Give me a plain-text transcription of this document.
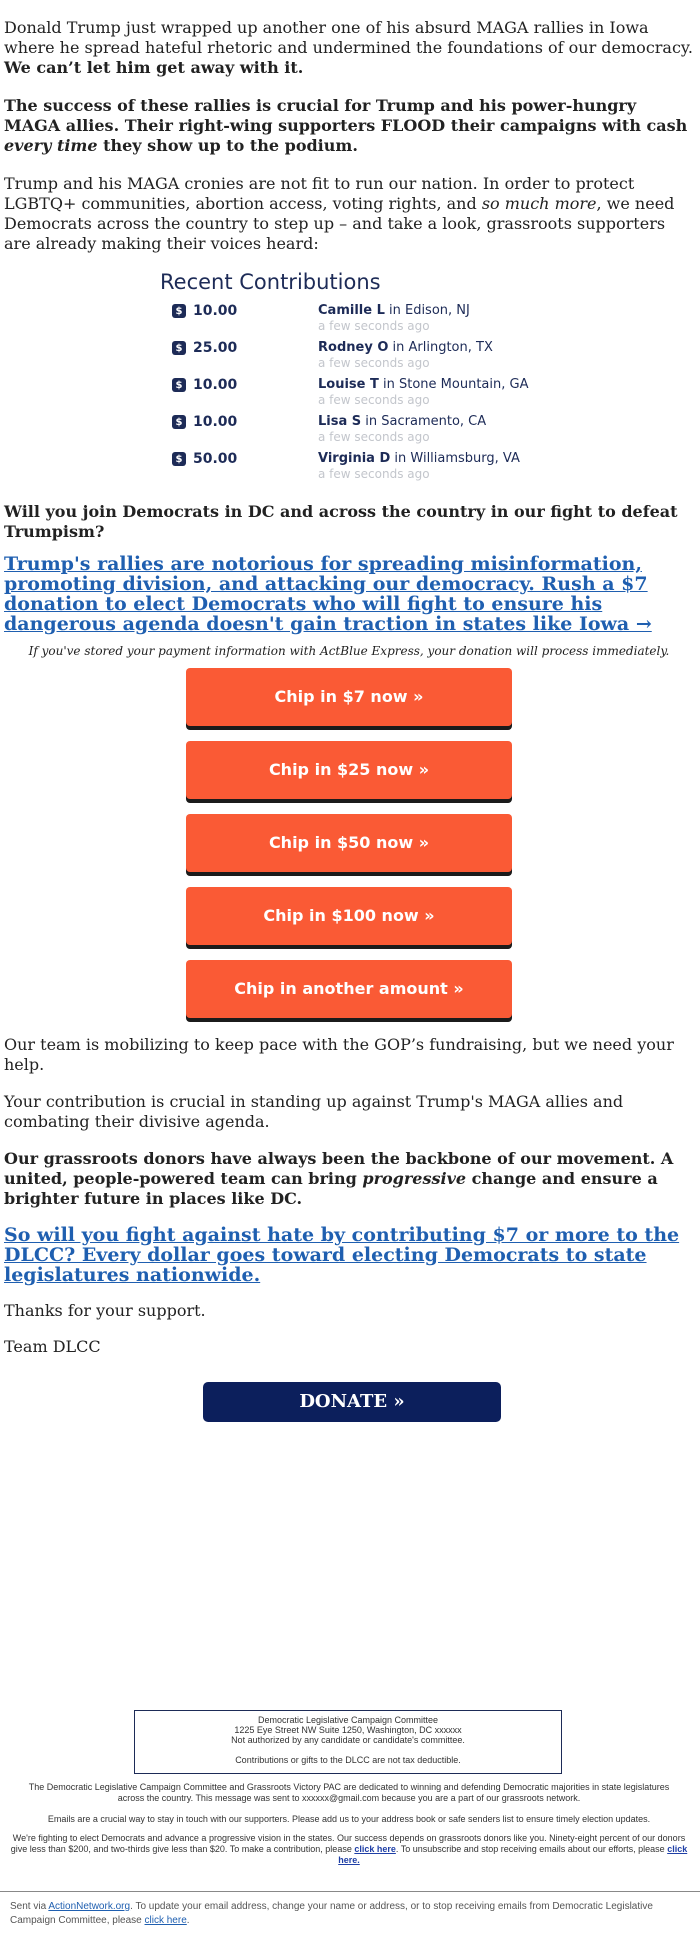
Donald Trump just wrapped up another one of his absurd MAGA rallies in Iowa where he spread hateful rhetoric and undermined the foundations of our democracy. We can’t let him get away with it.

The success of these rallies is crucial for Trump and his power-hungry MAGA allies. Their right-wing supporters FLOOD their campaigns with cash every time they show up to the podium.

Trump and his MAGA cronies are not fit to run our nation. In order to protect LGBTQ+ communities, abortion access, voting rights, and so much more, we need Democrats across the country to step up – and take a look, grassroots supporters are already making their voices heard:

Recent Contributions
$ 10.00	Camille L in Edison, NJ
a few seconds ago
$ 25.00	Rodney O in Arlington, TX
a few seconds ago
$ 10.00	Louise T in Stone Mountain, GA
a few seconds ago
$ 10.00	Lisa S in Sacramento, CA
a few seconds ago
$ 50.00	Virginia D in Williamsburg, VA
a few seconds ago

Will you join Democrats in DC and across the country in our fight to defeat Trumpism?

Trump's rallies are notorious for spreading misinformation, promoting division, and attacking our democracy. Rush a $7 donation to elect Democrats who will fight to ensure his dangerous agenda doesn't gain traction in states like Iowa →

If you've stored your payment information with ActBlue Express, your donation will process immediately.

Chip in $7 now »
Chip in $25 now »
Chip in $50 now »
Chip in $100 now »
Chip in another amount »

Our team is mobilizing to keep pace with the GOP’s fundraising, but we need your help.

Your contribution is crucial in standing up against Trump's MAGA allies and combating their divisive agenda.

Our grassroots donors have always been the backbone of our movement. A united, people-powered team can bring progressive change and ensure a brighter future in places like DC.

So will you fight against hate by contributing $7 or more to the DLCC? Every dollar goes toward electing Democrats to state legislatures nationwide.

Thanks for your support.

Team DLCC

DONATE »
Democratic Legislative Campaign Committee
1225 Eye Street NW Suite 1250, Washington, DC xxxxxx
Not authorized by any candidate or candidate's committee.
Contributions or gifts to the DLCC are not tax deductible.

The Democratic Legislative Campaign Committee and Grassroots Victory PAC are dedicated to winning and defending Democratic majorities in state legislatures across the country. This message was sent to xxxxxx@gmail.com because you are a part of our grassroots network.

Emails are a crucial way to stay in touch with our supporters. Please add us to your address book or safe senders list to ensure timely election updates.

We're fighting to elect Democrats and advance a progressive vision in the states. Our success depends on grassroots donors like you. Ninety-eight percent of our donors give less than $200, and two-thirds give less than $20. To make a contribution, please click here. To unsubscribe and stop receiving emails about our efforts, please click here.

Sent via ActionNetwork.org. To update your email address, change your name or address, or to stop receiving emails from Democratic Legislative Campaign Committee, please click here.
